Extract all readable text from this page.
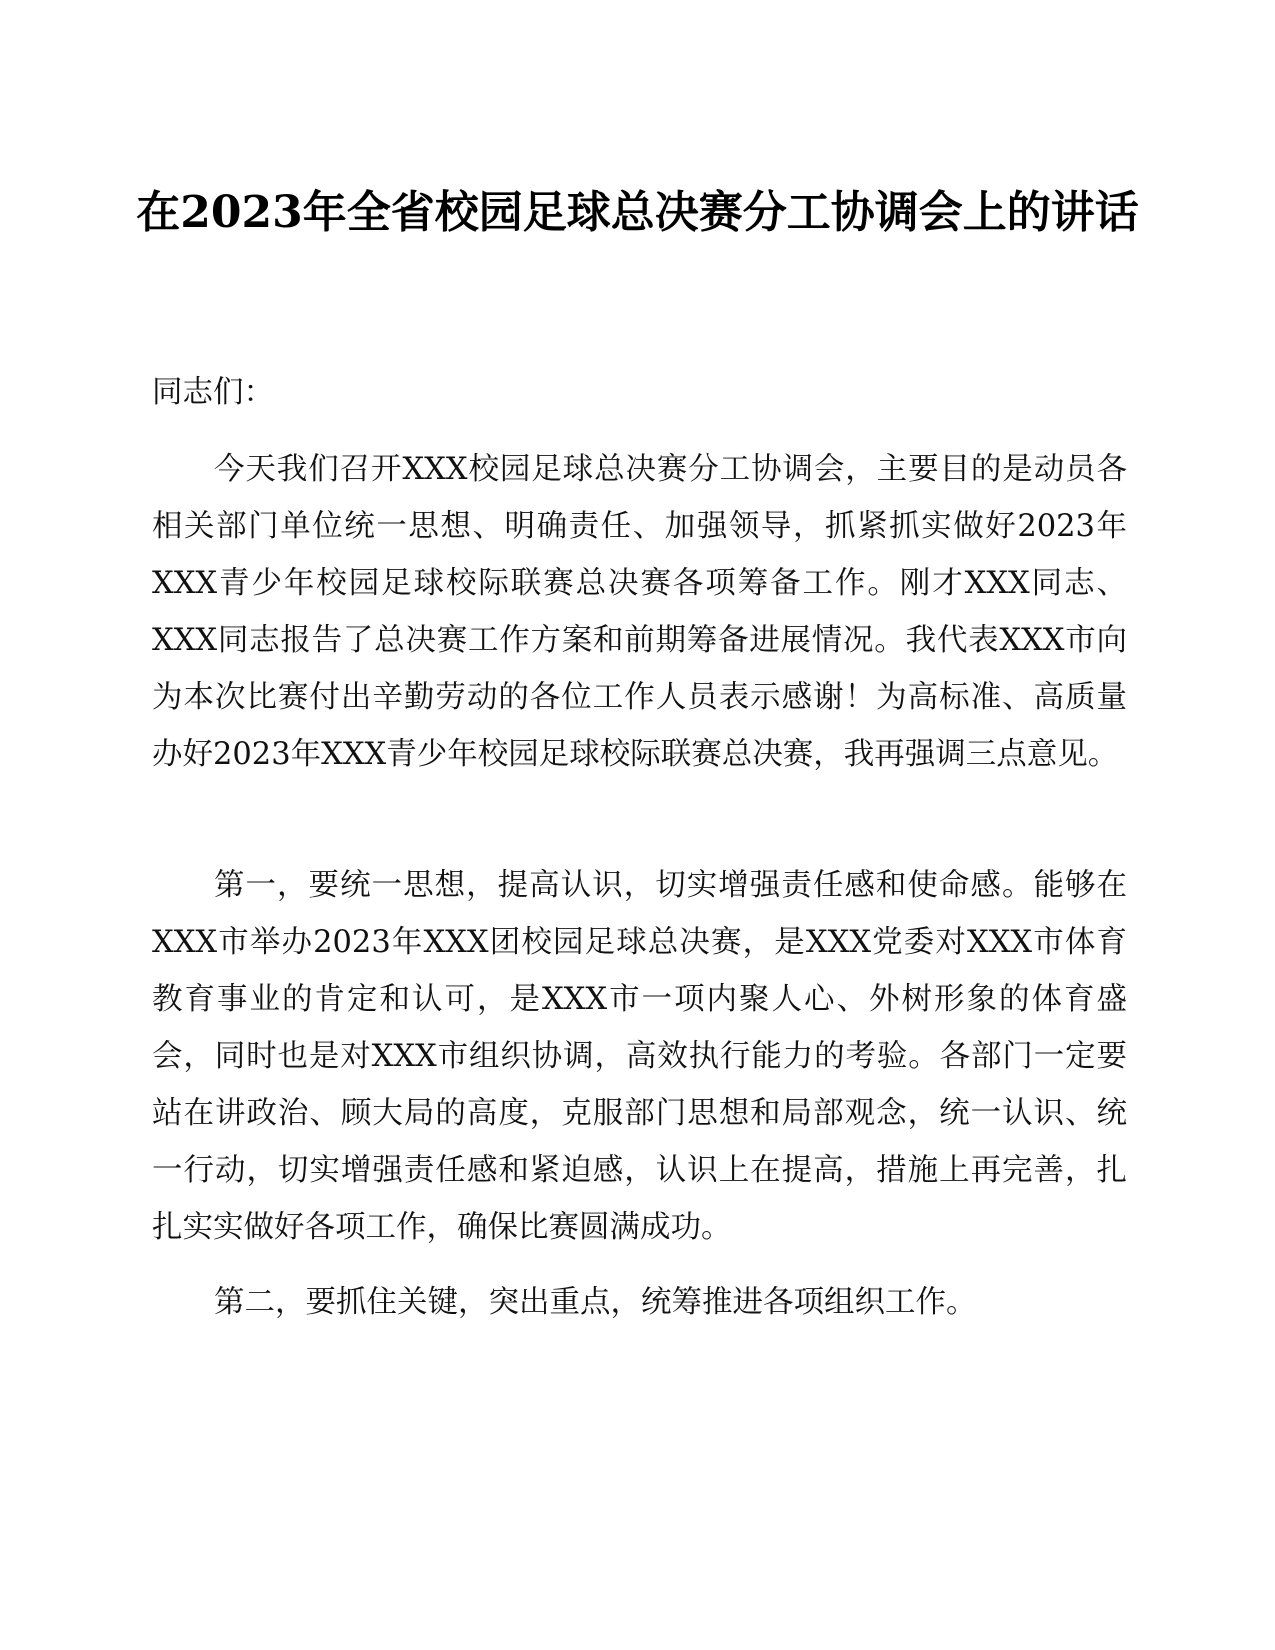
在2023年全省校园足球总决赛分工协调会上的讲话

同志们：

今天我们召开XXX校园足球总决赛分工协调会，主要目的是动员各相关部门单位统一思想、明确责任、加强领导，抓紧抓实做好2023年XXX青少年校园足球校际联赛总决赛各项筹备工作。刚才XXX同志、XXX同志报告了总决赛工作方案和前期筹备进展情况。我代表XXX市向为本次比赛付出辛勤劳动的各位工作人员表示感谢！为高标准、高质量办好2023年XXX青少年校园足球校际联赛总决赛，我再强调三点意见。

第一，要统一思想，提高认识，切实增强责任感和使命感。能够在XXX市举办2023年XXX团校园足球总决赛，是XXX党委对XXX市体育教育事业的肯定和认可，是XXX市一项内聚人心、外树形象的体育盛会，同时也是对XXX市组织协调，高效执行能力的考验。各部门一定要站在讲政治、顾大局的高度，克服部门思想和局部观念，统一认识、统一行动，切实增强责任感和紧迫感，认识上在提高，措施上再完善，扎扎实实做好各项工作，确保比赛圆满成功。

第二，要抓住关键，突出重点，统筹推进各项组织工作。
